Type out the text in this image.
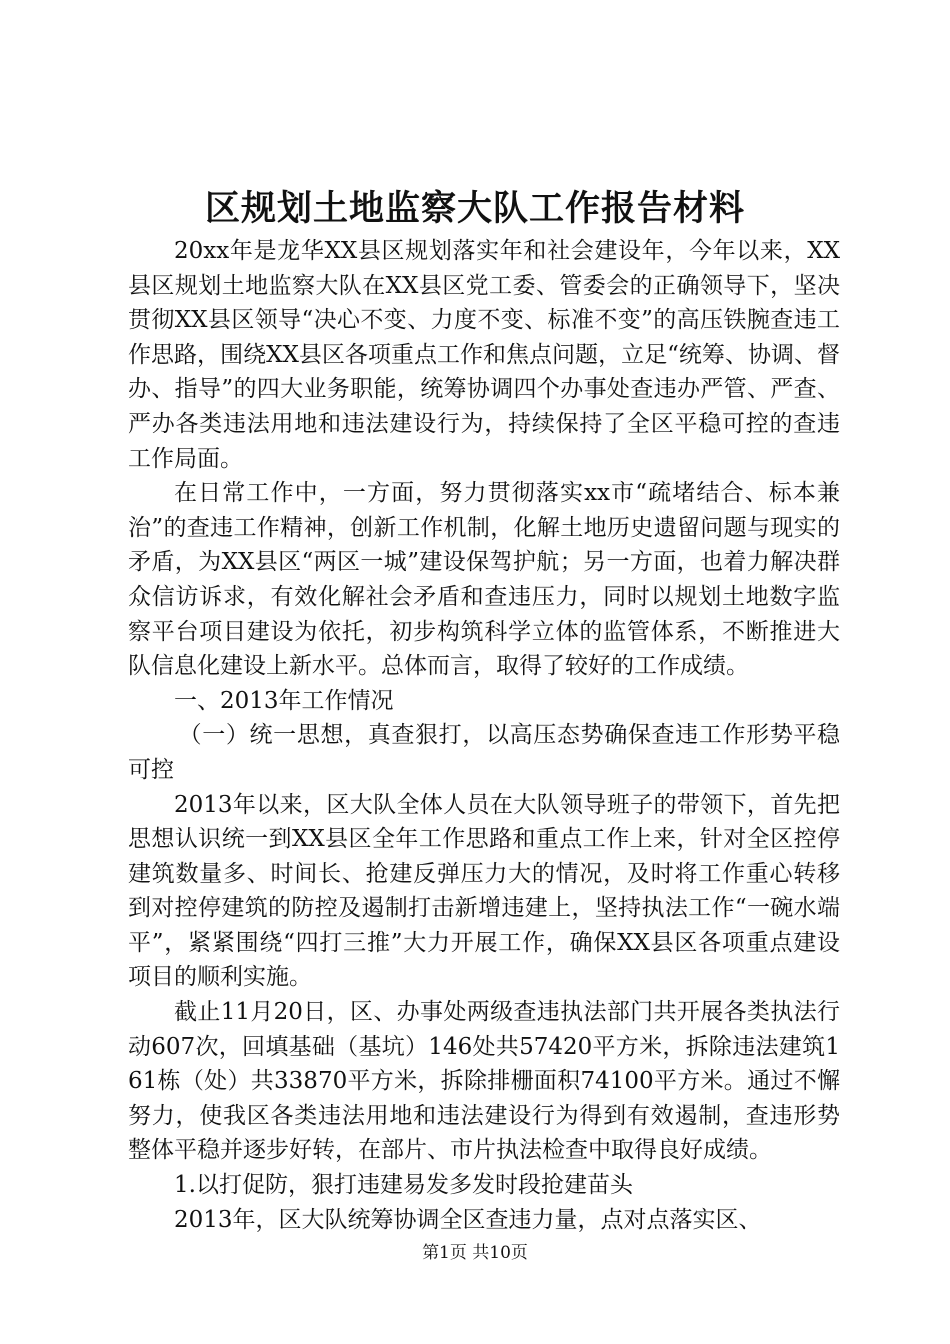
区规划土地监察大队工作报告材料

20xx年是龙华XX县区规划落实年和社会建设年，今年以来，XX县区规划土地监察大队在XX县区党工委、管委会的正确领导下，坚决贯彻XX县区领导“决心不变、力度不变、标准不变”的高压铁腕查违工作思路，围绕XX县区各项重点工作和焦点问题，立足“统筹、协调、督办、指导”的四大业务职能，统筹协调四个办事处查违办严管、严查、严办各类违法用地和违法建设行为，持续保持了全区平稳可控的查违工作局面。

在日常工作中，一方面，努力贯彻落实xx市“疏堵结合、标本兼治”的查违工作精神，创新工作机制，化解土地历史遗留问题与现实的矛盾，为XX县区“两区一城”建设保驾护航；另一方面，也着力解决群众信访诉求，有效化解社会矛盾和查违压力，同时以规划土地数字监察平台项目建设为依托，初步构筑科学立体的监管体系，不断推进大队信息化建设上新水平。总体而言，取得了较好的工作成绩。

一、2013年工作情况

（一）统一思想，真查狠打，以高压态势确保查违工作形势平稳可控

2013年以来，区大队全体人员在大队领导班子的带领下，首先把思想认识统一到XX县区全年工作思路和重点工作上来，针对全区控停建筑数量多、时间长、抢建反弹压力大的情况，及时将工作重心转移到对控停建筑的防控及遏制打击新增违建上，坚持执法工作“一碗水端平”，紧紧围绕“四打三推”大力开展工作，确保XX县区各项重点建设项目的顺利实施。

截止11月20日，区、办事处两级查违执法部门共开展各类执法行动607次，回填基础（基坑）146处共57420平方米，拆除违法建筑161栋（处）共33870平方米，拆除排栅面积74100平方米。通过不懈努力，使我区各类违法用地和违法建设行为得到有效遏制，查违形势整体平稳并逐步好转，在部片、市片执法检查中取得良好成绩。

1.以打促防，狠打违建易发多发时段抢建苗头

2013年，区大队统筹协调全区查违力量，点对点落实区、

第1页 共10页
